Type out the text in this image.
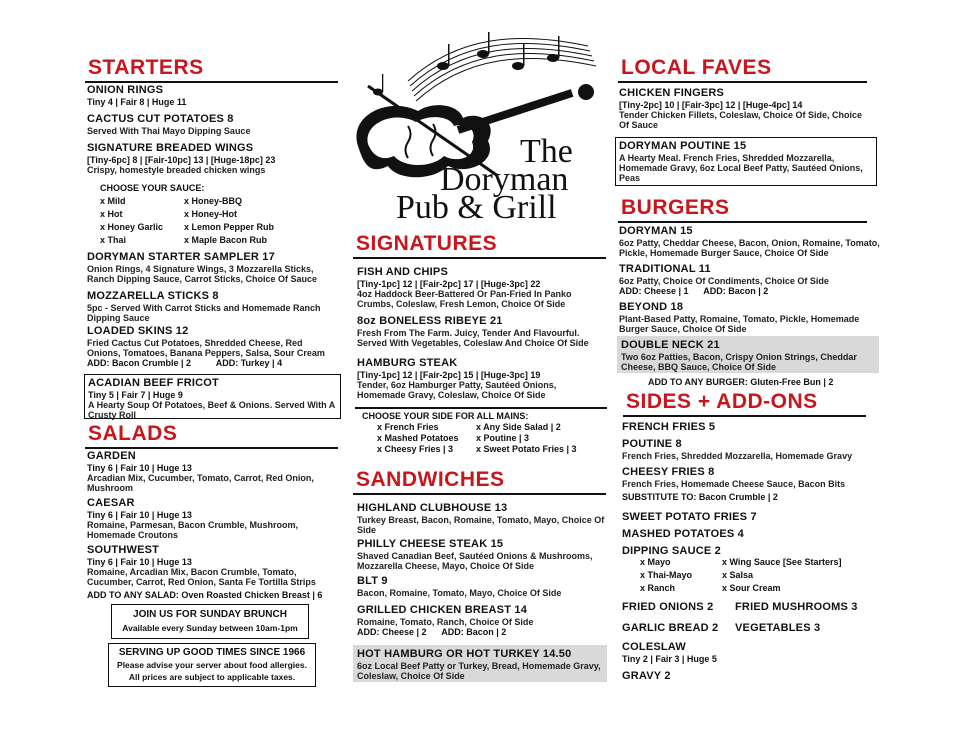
STARTERS
ONION RINGS
Tiny 4 | Fair 8 | Huge 11
CACTUS CUT POTATOES 8
Served With Thai Mayo Dipping Sauce
SIGNATURE BREADED WINGS
[Tiny-6pc] 8 | [Fair-10pc] 13 | [Huge-18pc] 23
Crispy, homestyle breaded chicken wings
CHOOSE YOUR SAUCE:
x Mild
x Hot
x Honey Garlic
x Thai
x Honey-BBQ
x Honey-Hot
x Lemon Pepper Rub
x Maple Bacon Rub
DORYMAN STARTER SAMPLER 17
Onion Rings, 4 Signature Wings, 3 Mozzarella Sticks, Ranch Dipping Sauce, Carrot Sticks, Choice Of Sauce
MOZZARELLA STICKS 8
5pc - Served With Carrot Sticks and Homemade Ranch Dipping Sauce
LOADED SKINS 12
Fried Cactus Cut Potatoes, Shredded Cheese, Red Onions, Tomatoes, Banana Peppers, Salsa, Sour Cream
ADD: Bacon Crumble | 2          ADD: Turkey | 4
ACADIAN BEEF FRICOT
Tiny 5 | Fair 7 | Huge 9
A Hearty Soup Of Potatoes, Beef & Onions. Served With A Crusty Roll
SALADS
GARDEN
Tiny 6 | Fair 10 | Huge 13
Arcadian Mix, Cucumber, Tomato, Carrot, Red Onion, Mushroom
CAESAR
Tiny 6 | Fair 10 | Huge 13
Romaine, Parmesan, Bacon Crumble, Mushroom, Homemade Croutons
SOUTHWEST
Tiny 6 | Fair 10 | Huge 13
Romaine, Arcadian Mix, Bacon Crumble, Tomato, Cucumber, Carrot, Red Onion, Santa Fe Tortilla Strips
ADD TO ANY SALAD: Oven Roasted Chicken Breast | 6
JOIN US FOR SUNDAY BRUNCH
Available every Sunday between 10am-1pm
SERVING UP GOOD TIMES SINCE 1966
Please advise your server about food allergies.
All prices are subject to applicable taxes.
The
Doryman
Pub & Grill
SIGNATURES
FISH AND CHIPS
[Tiny-1pc] 12 | [Fair-2pc] 17 | [Huge-3pc] 22
4oz Haddock Beer-Battered Or Pan-Fried In Panko Crumbs, Coleslaw, Fresh Lemon, Choice Of Side
8oz BONELESS RIBEYE 21
Fresh From The Farm. Juicy, Tender And Flavourful. Served With Vegetables, Coleslaw And Choice Of Side
HAMBURG STEAK
[Tiny-1pc] 12 | [Fair-2pc] 15 | [Huge-3pc] 19
Tender, 6oz Hamburger Patty, Sautéed Onions, Homemade Gravy, Coleslaw, Choice Of Side
CHOOSE YOUR SIDE FOR ALL MAINS:
x French Fries
x Mashed Potatoes
x Cheesy Fries | 3
x Any Side Salad | 2
x Poutine | 3
x Sweet Potato Fries | 3
SANDWICHES
HIGHLAND CLUBHOUSE 13
Turkey Breast, Bacon, Romaine, Tomato, Mayo, Choice Of Side
PHILLY CHEESE STEAK 15
Shaved Canadian Beef, Sautéed Onions & Mushrooms, Mozzarella Cheese, Mayo, Choice Of Side
BLT 9
Bacon, Romaine, Tomato, Mayo, Choice Of Side
GRILLED CHICKEN BREAST 14
Romaine, Tomato, Ranch, Choice Of Side
ADD: Cheese | 2      ADD: Bacon | 2
HOT HAMBURG OR HOT TURKEY 14.50
6oz Local Beef Patty or Turkey, Bread, Homemade Gravy, Coleslaw, Choice Of Side
LOCAL FAVES
CHICKEN FINGERS
[Tiny-2pc] 10 | [Fair-3pc] 12 | [Huge-4pc] 14
Tender Chicken Fillets, Coleslaw, Choice Of Side, Choice Of Sauce
DORYMAN POUTINE 15
A Hearty Meal. French Fries, Shredded Mozzarella, Homemade Gravy, 6oz Local Beef Patty, Sautéed Onions, Peas
BURGERS
DORYMAN 15
6oz Patty, Cheddar Cheese, Bacon, Onion, Romaine, Tomato, Pickle, Homemade Burger Sauce, Choice Of Side
TRADITIONAL 11
6oz Patty, Choice Of Condiments, Choice Of Side
ADD: Cheese | 1      ADD: Bacon | 2
BEYOND 18
Plant-Based Patty, Romaine, Tomato, Pickle, Homemade Burger Sauce, Choice Of Side
DOUBLE NECK 21
Two 6oz Patties, Bacon, Crispy Onion Strings, Cheddar Cheese, BBQ Sauce, Choice Of Side
ADD TO ANY BURGER: Gluten-Free Bun | 2
SIDES + ADD-ONS
FRENCH FRIES 5
POUTINE 8
French Fries, Shredded Mozzarella, Homemade Gravy
CHEESY FRIES 8
French Fries, Homemade Cheese Sauce, Bacon Bits
SUBSTITUTE TO: Bacon Crumble | 2
SWEET POTATO FRIES 7
MASHED POTATOES 4
DIPPING SAUCE 2
x Mayo
x Thai-Mayo
x Ranch
x Wing Sauce [See Starters]
x Salsa
x Sour Cream
FRIED ONIONS 2 FRIED MUSHROOMS 3
GARLIC BREAD 2 VEGETABLES 3
COLESLAW
Tiny 2 | Fair 3 | Huge 5
GRAVY 2
